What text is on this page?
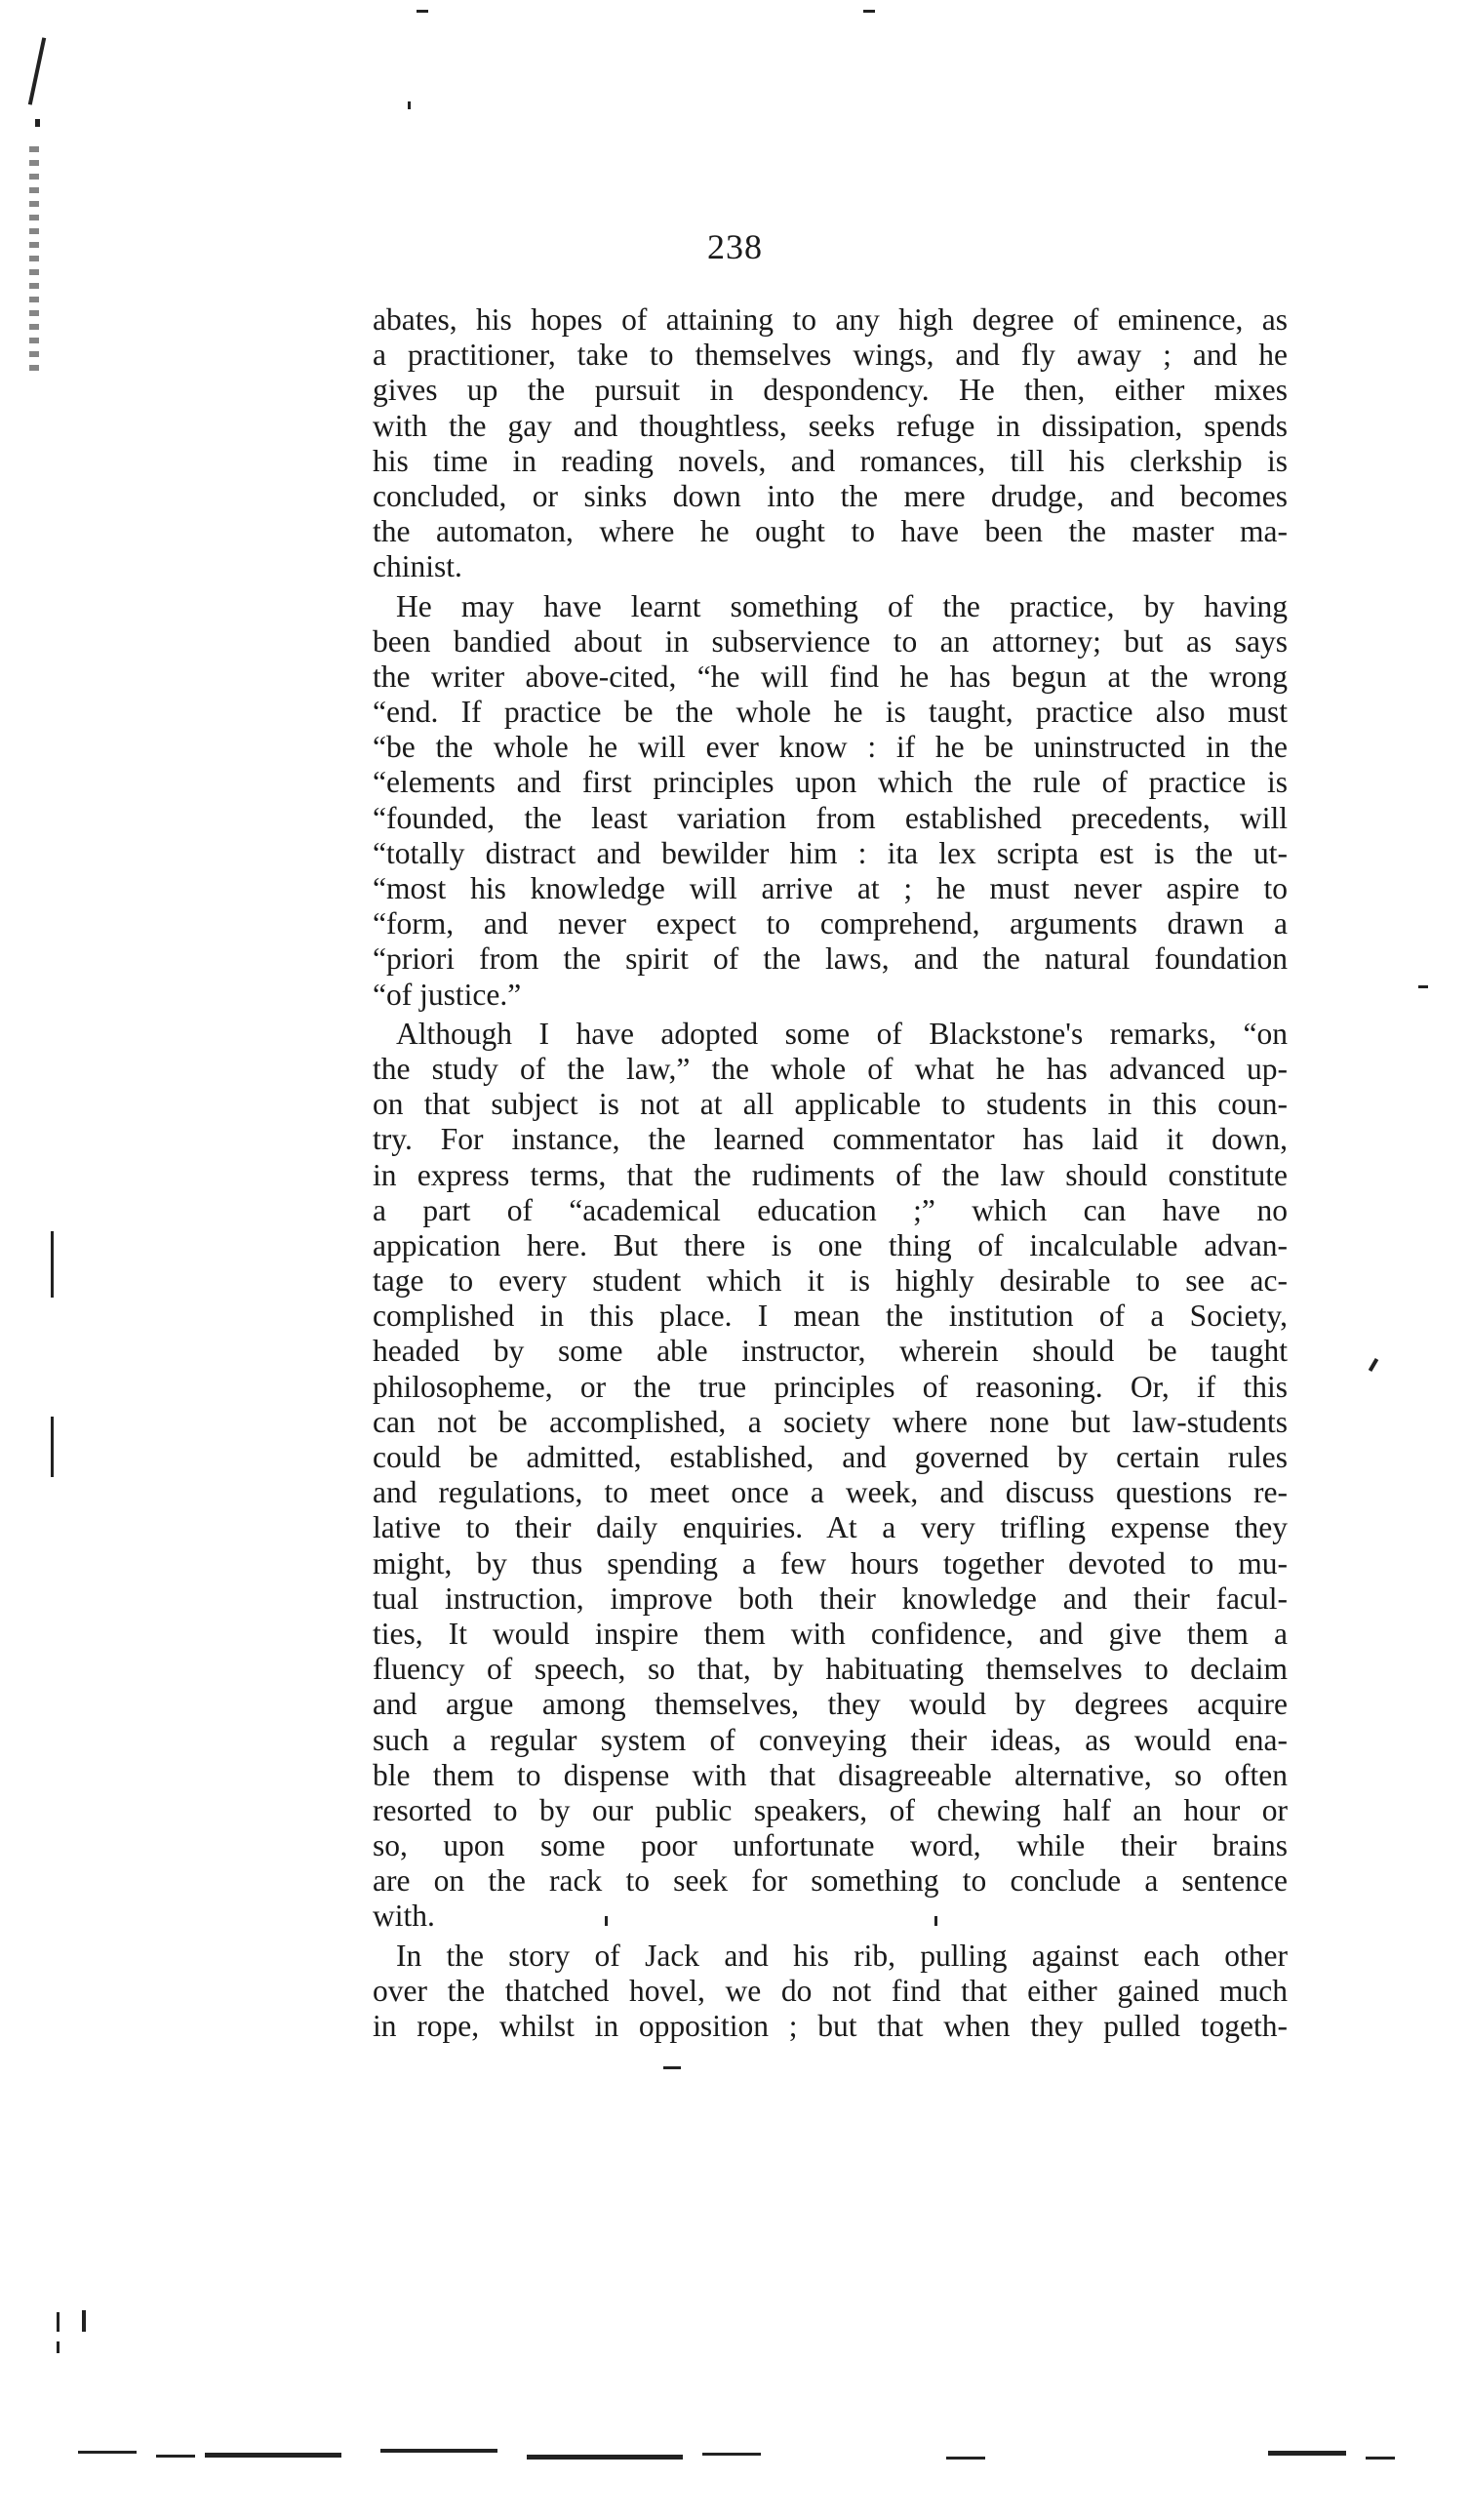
238
abates, his hopes of attaining to any high degree of eminence, as
a practitioner, take to themselves wings, and fly away ; and he
gives up the pursuit in despondency. He then, either mixes
with the gay and thoughtless, seeks refuge in dissipation, spends
his time in reading novels, and romances, till his clerkship is
concluded, or sinks down into the mere drudge, and becomes
the automaton, where he ought to have been the master ma-
chinist.
He may have learnt something of the practice, by having
been bandied about in subservience to an attorney; but as says
the writer above-cited, “he will find he has begun at the wrong
“end. If practice be the whole he is taught, practice also must
“be the whole he will ever know : if he be uninstructed in the
“elements and first principles upon which the rule of practice is
“founded, the least variation from established precedents, will
“totally distract and bewilder him : ita lex scripta est is the ut-
“most his knowledge will arrive at ; he must never aspire to
“form, and never expect to comprehend, arguments drawn a
“priori from the spirit of the laws, and the natural foundation
“of justice.”
Although I have adopted some of Blackstone's remarks, “on
the study of the law,” the whole of what he has advanced up-
on that subject is not at all applicable to students in this coun-
try. For instance, the learned commentator has laid it down,
in express terms, that the rudiments of the law should constitute
a part of “academical education ;” which can have no
appication here. But there is one thing of incalculable advan-
tage to every student which it is highly desirable to see ac-
complished in this place. I mean the institution of a Society,
headed by some able instructor, wherein should be taught
philosopheme, or the true principles of reasoning. Or, if this
can not be accomplished, a society where none but law-students
could be admitted, established, and governed by certain rules
and regulations, to meet once a week, and discuss questions re-
lative to their daily enquiries. At a very trifling expense they
might, by thus spending a few hours together devoted to mu-
tual instruction, improve both their knowledge and their facul-
ties, It would inspire them with confidence, and give them a
fluency of speech, so that, by habituating themselves to declaim
and argue among themselves, they would by degrees acquire
such a regular system of conveying their ideas, as would ena-
ble them to dispense with that disagreeable alternative, so often
resorted to by our public speakers, of chewing half an hour or
so, upon some poor unfortunate word, while their brains
are on the rack to seek for something to conclude a sentence
with.
In the story of Jack and his rib, pulling against each other
over the thatched hovel, we do not find that either gained much
in rope, whilst in opposition ; but that when they pulled togeth-
